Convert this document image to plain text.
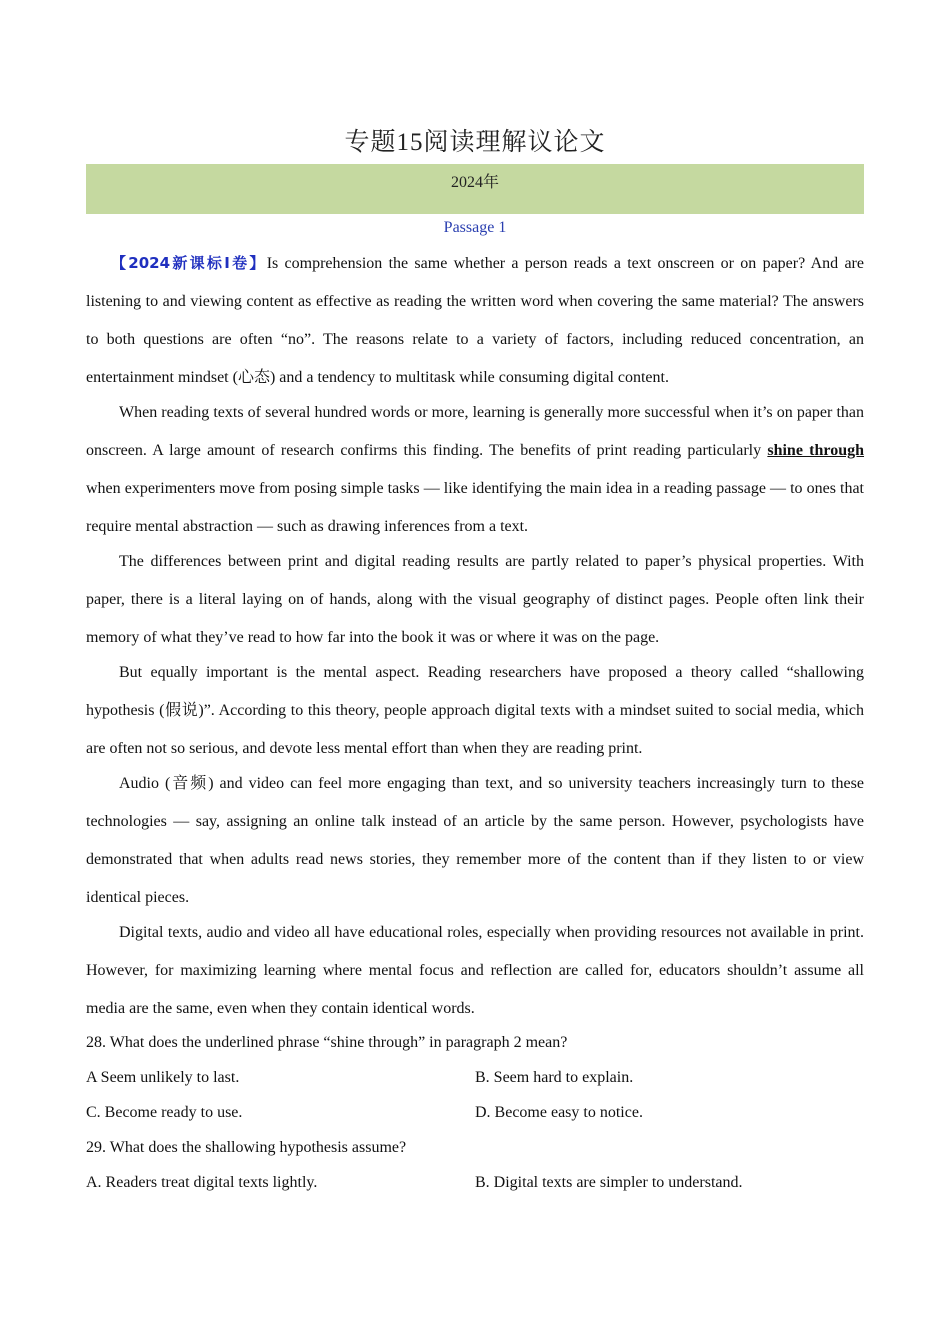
专题15阅读理解议论文
2024年
Passage 1

【2024新课标Ⅰ卷】Is comprehension the same whether a person reads a text onscreen or on paper? And are listening to and viewing content as effective as reading the written word when covering the same material? The answers to both questions are often “no”. The reasons relate to a variety of factors, including reduced concentration, an entertainment mindset (心态) and a tendency to multitask while consuming digital content.

When reading texts of several hundred words or more, learning is generally more successful when it’s on paper than onscreen. A large amount of research confirms this finding. The benefits of print reading particularly shine through when experimenters move from posing simple tasks — like identifying the main idea in a reading passage — to ones that require mental abstraction — such as drawing inferences from a text.

The differences between print and digital reading results are partly related to paper’s physical properties. With paper, there is a literal laying on of hands, along with the visual geography of distinct pages. People often link their memory of what they’ve read to how far into the book it was or where it was on the page.

But equally important is the mental aspect. Reading researchers have proposed a theory called “shallowing hypothesis (假说)”. According to this theory, people approach digital texts with a mindset suited to social media, which are often not so serious, and devote less mental effort than when they are reading print.

Audio (音频) and video can feel more engaging than text, and so university teachers increasingly turn to these technologies — say, assigning an online talk instead of an article by the same person. However, psychologists have demonstrated that when adults read news stories, they remember more of the content than if they listen to or view identical pieces.

Digital texts, audio and video all have educational roles, especially when providing resources not available in print. However, for maximizing learning where mental focus and reflection are called for, educators shouldn’t assume all media are the same, even when they contain identical words.

28. What does the underlined phrase “shine through” in paragraph 2 mean?

A Seem unlikely to last.	B. Seem hard to explain.
C. Become ready to use.	D. Become easy to notice.

29. What does the shallowing hypothesis assume?

A. Readers treat digital texts lightly.	B. Digital texts are simpler to understand.
